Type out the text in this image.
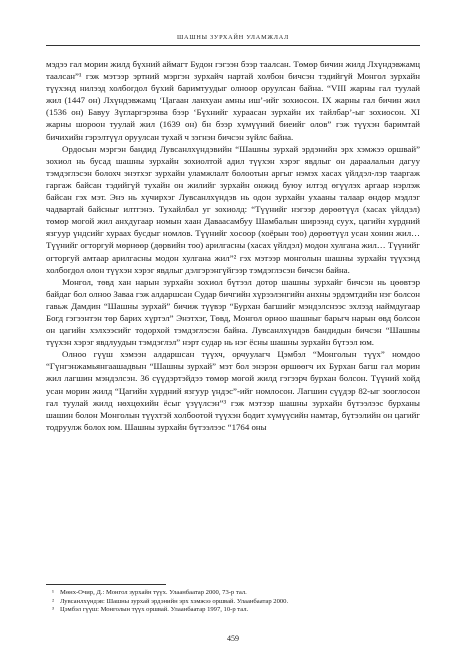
ШАШНЫ ЗУРХАЙН УЛАМЖЛАЛ

мэдээ гал морин жилд бүхний аймагт Будон гэгээн бээр таалсан. Төмөр бичин жилд Лхүндэвжамц таалсан”¹ гэж мэтээр эртний мэргэн зурхайч нартай холбон бичсэн тэдийгүй Монгол зурхайн түүхэнд нилээд холбогдол бүхий баримтуудыг олноор оруулсан байна. “VIII жарны гал туулай жил (1447 он) Лхүндэвжамц ‘Цагаан ланхуан амны иш’-ийг зохиосон. IX жарны гал бичин жил (1536 он) Бавуу Зүгларгэрэнва бээр ‘Бүхнийг хураасан зурхайн их тайлбар’-ыг зохиосон. XI жарны шороон туулай жил (1639 он) бн бээр хүмүүний биеийг олов” гэж түүхэн баримтай бичихийн гэрэлтүүл оруулсан тухай ч зэгнэн бичсэн зүйлс байна.

Ордосын мэргэн бандид Лувсанлхүндэвийн “Шашны зурхай эрдэнийн эрх хэмжээ оршвай” зохиол нь бусад шашны зурхайн зохиолтой адил түүхэн хэрэг явдлыг он дараалалын дагуу тэмдэглэсэн болохч энэтхэг зурхайн уламжлалт болоотын аргыг нэмэх хасах үйлдэл-лэр тааргаж гаргаж байсан тэдийгүй тухайн он жилийг зурхайн онжид буюу илтэд өгүүлэх аргаар нэрлэж байсан гэх мэт. Энэ нь хүчирхэг Лувсанлхүндэв нь одон зурхайн ухааны талаар өндөр мэдлэг чадвартай байсныг илтгэнэ. Тухайлбал уг зохиолд: “Түүнийг нэгээр дөрөөтүүл (хасах үйлдэл) төмөр могой жил анхдугаар номын хаан Даваасамбуу Шамбалын ширээнд суух, цагийн хүрдний язгуур үндсийг хураах бусдыг номлов. Түүнийг хосоор (хоёрын тоо) дөрөөтүүл усан хонин жил… Түүнийг огторгуй мөрнөөр (дөрвийн тоо) арилгасны (хасах үйлдэл) модон хулгана жил… Түүнийг огторгуй амтаар арилгасны модон хулгана жил”² гэх мэтээр монголын шашны зурхайн түүхэнд холбогдол олон түүхэн хэрэг явдлыг дэлгэрэнгүйгээр тэмдэглэсэн бичсэн байна.

Монгол, төвд хан нарын зурхайн зохиол бүтээл дотор шашны зурхайг бичсэн нь цөөвтэр байдаг бол олноо Заваа гэж алдаршсан Судар бичгийн хүрээлэнгийн анхны эрдэмтдийн нэг болсон гавьж Дамдин “Шашны зурхай” бичиж түүвэр “Бурхан багшийг мэндэлснээс эхлээд наймдугаар Богд гэгээнтэн төр барих хүртэл” Энэтхэг, Төвд, Монгол орноо шашныг барьгч нарын өвд болсон он цагийн хэлхээсийг тодорхой тэмдэглэсэн байна. Лувсанлхүндэв бандидын бичсэн “Шашны түүхэн хэрэг явдлуудын тэмдэглэл” нэрт судар нь нэг ёсны шашны зурхайн бүтээл юм.

Олноо гүүш хэмээн алдаршсан түүхч, орчуулагч Цэмбэл “Монголын түүх” номдоо “Гүнгэнжамьянгаашадвын “Шашны зурхай” мэт бол энэрэн өршөөгч их Бурхан багш гал морин жил лагшин мэндэлсэн. 36 сүүдэртэйдээ төмөр могой жилд гэгээрч бурхан болсон. Түүний хойд усан морин жилд “Цагийн хүрдний язгуур үндэс”-ийг номлосон. Лагшин сүүдэр 82-ыг зооглосон гал туулай жилд нөхцөхийн ёсыг үзүүлсэн”³ гэж мэтээр шашны зурхайн бүтээлээс бурханы шашин болон Монголын түүхтэй холбоотой түүхэн бодит хүмүүсийн намтар, бүтээлийн он цагийг тодруулж болох юм. Шашны зурхайн бүтээлээс “1764 оны

¹ Мөнх-Очир, Д.: Монгол зурхайн түүх. Улаанбаатар 2000, 73-р тал.
² Лувсанлхүндэв: Шашны зурхай эрдэнийн эрх хэмжээ оршвай. Улаанбаатар 2000.
³ Цэмбэл гүүш: Монголын түүх оршвай. Улаанбаатар 1997, 10-р тал.
459
